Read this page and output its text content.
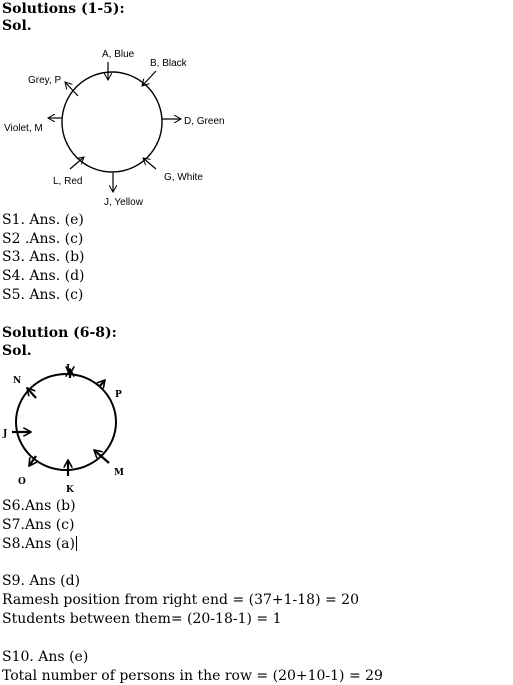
Solutions (1-5):
Sol.
A, Blue
B, Black
D, Green
G, White
J, Yellow
L, Red
Violet, M
Grey, P
S1. Ans. (e)
S2 .Ans. (c)
S3. Ans. (b)
S4. Ans. (d)
S5. Ans. (c)
Solution (6-8):
Sol.
L
P
M
K
O
J
N
S6.Ans (b)
S7.Ans (c)
S8.Ans (a)
S9. Ans (d)
Ramesh position from right end = (37+1-18) = 20
Students between them= (20-18-1) = 1
S10. Ans (e)
Total number of persons in the row = (20+10-1) = 29
